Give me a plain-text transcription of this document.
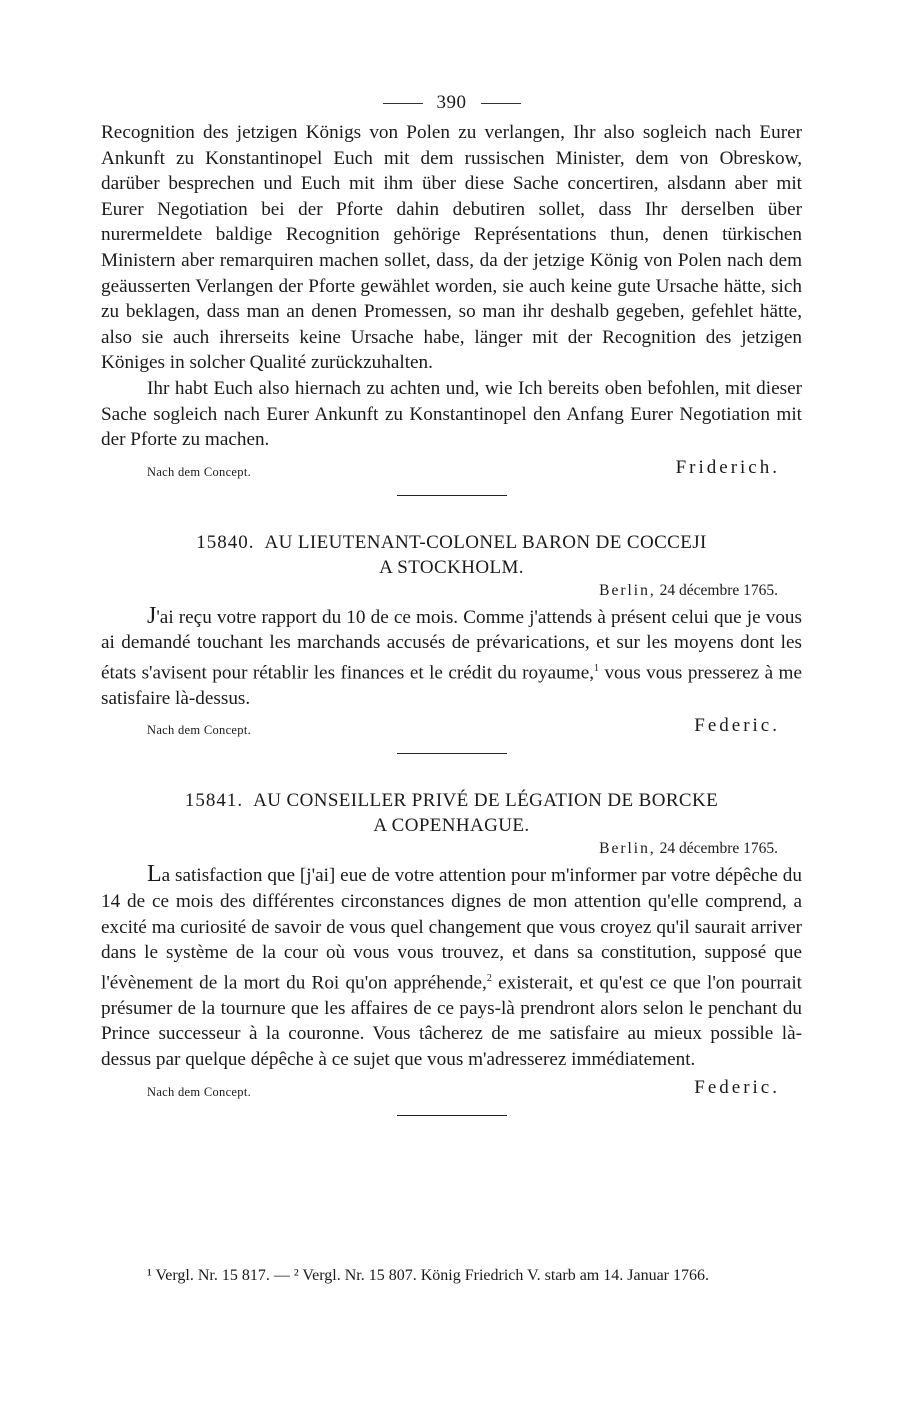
390

Recognition des jetzigen Königs von Polen zu verlangen, Ihr also sogleich nach Eurer Ankunft zu Konstantinopel Euch mit dem russischen Minister, dem von Obreskow, darüber besprechen und Euch mit ihm über diese Sache concertiren, alsdann aber mit Eurer Negotiation bei der Pforte dahin debutiren sollet, dass Ihr derselben über nurermeldete baldige Recognition gehörige Représentations thun, denen türkischen Ministern aber remarquiren machen sollet, dass, da der jetzige König von Polen nach dem geäusserten Verlangen der Pforte gewählet worden, sie auch keine gute Ursache hätte, sich zu beklagen, dass man an denen Promessen, so man ihr deshalb gegeben, gefehlet hätte, also sie auch ihrerseits keine Ursache habe, länger mit der Recognition des jetzigen Königes in solcher Qualité zurückzuhalten.

Ihr habt Euch also hiernach zu achten und, wie Ich bereits oben befohlen, mit dieser Sache sogleich nach Eurer Ankunft zu Konstantinopel den Anfang Eurer Negotiation mit der Pforte zu machen.

Nach dem Concept.	Friderich.
15840. AU LIEUTENANT-COLONEL BARON DE COCCEJI
A STOCKHOLM.
Berlin, 24 décembre 1765.

J'ai reçu votre rapport du 10 de ce mois. Comme j'attends à présent celui que je vous ai demandé touchant les marchands accusés de prévarications, et sur les moyens dont les états s'avisent pour rétablir les finances et le crédit du royaume,$^1$ vous vous presserez à me satisfaire là-dessus.

Nach dem Concept.	Federic.
15841. AU CONSEILLER PRIVÉ DE LÉGATION DE BORCKE
A COPENHAGUE.
Berlin, 24 décembre 1765.

La satisfaction que [j'ai] eue de votre attention pour m'informer par votre dépêche du 14 de ce mois des différentes circonstances dignes de mon attention qu'elle comprend, a excité ma curiosité de savoir de vous quel changement que vous croyez qu'il saurait arriver dans le système de la cour où vous vous trouvez, et dans sa constitution, supposé que l'évènement de la mort du Roi qu'on appréhende,$^2$ existerait, et qu'est ce que l'on pourrait présumer de la tournure que les affaires de ce pays-là prendront alors selon le penchant du Prince successeur à la couronne. Vous tâcherez de me satisfaire au mieux possible là-dessus par quelque dépêche à ce sujet que vous m'adresserez immédiatement.

Nach dem Concept.	Federic.
¹ Vergl. Nr. 15 817. — ² Vergl. Nr. 15 807. König Friedrich V. starb am 14. Januar 1766.
